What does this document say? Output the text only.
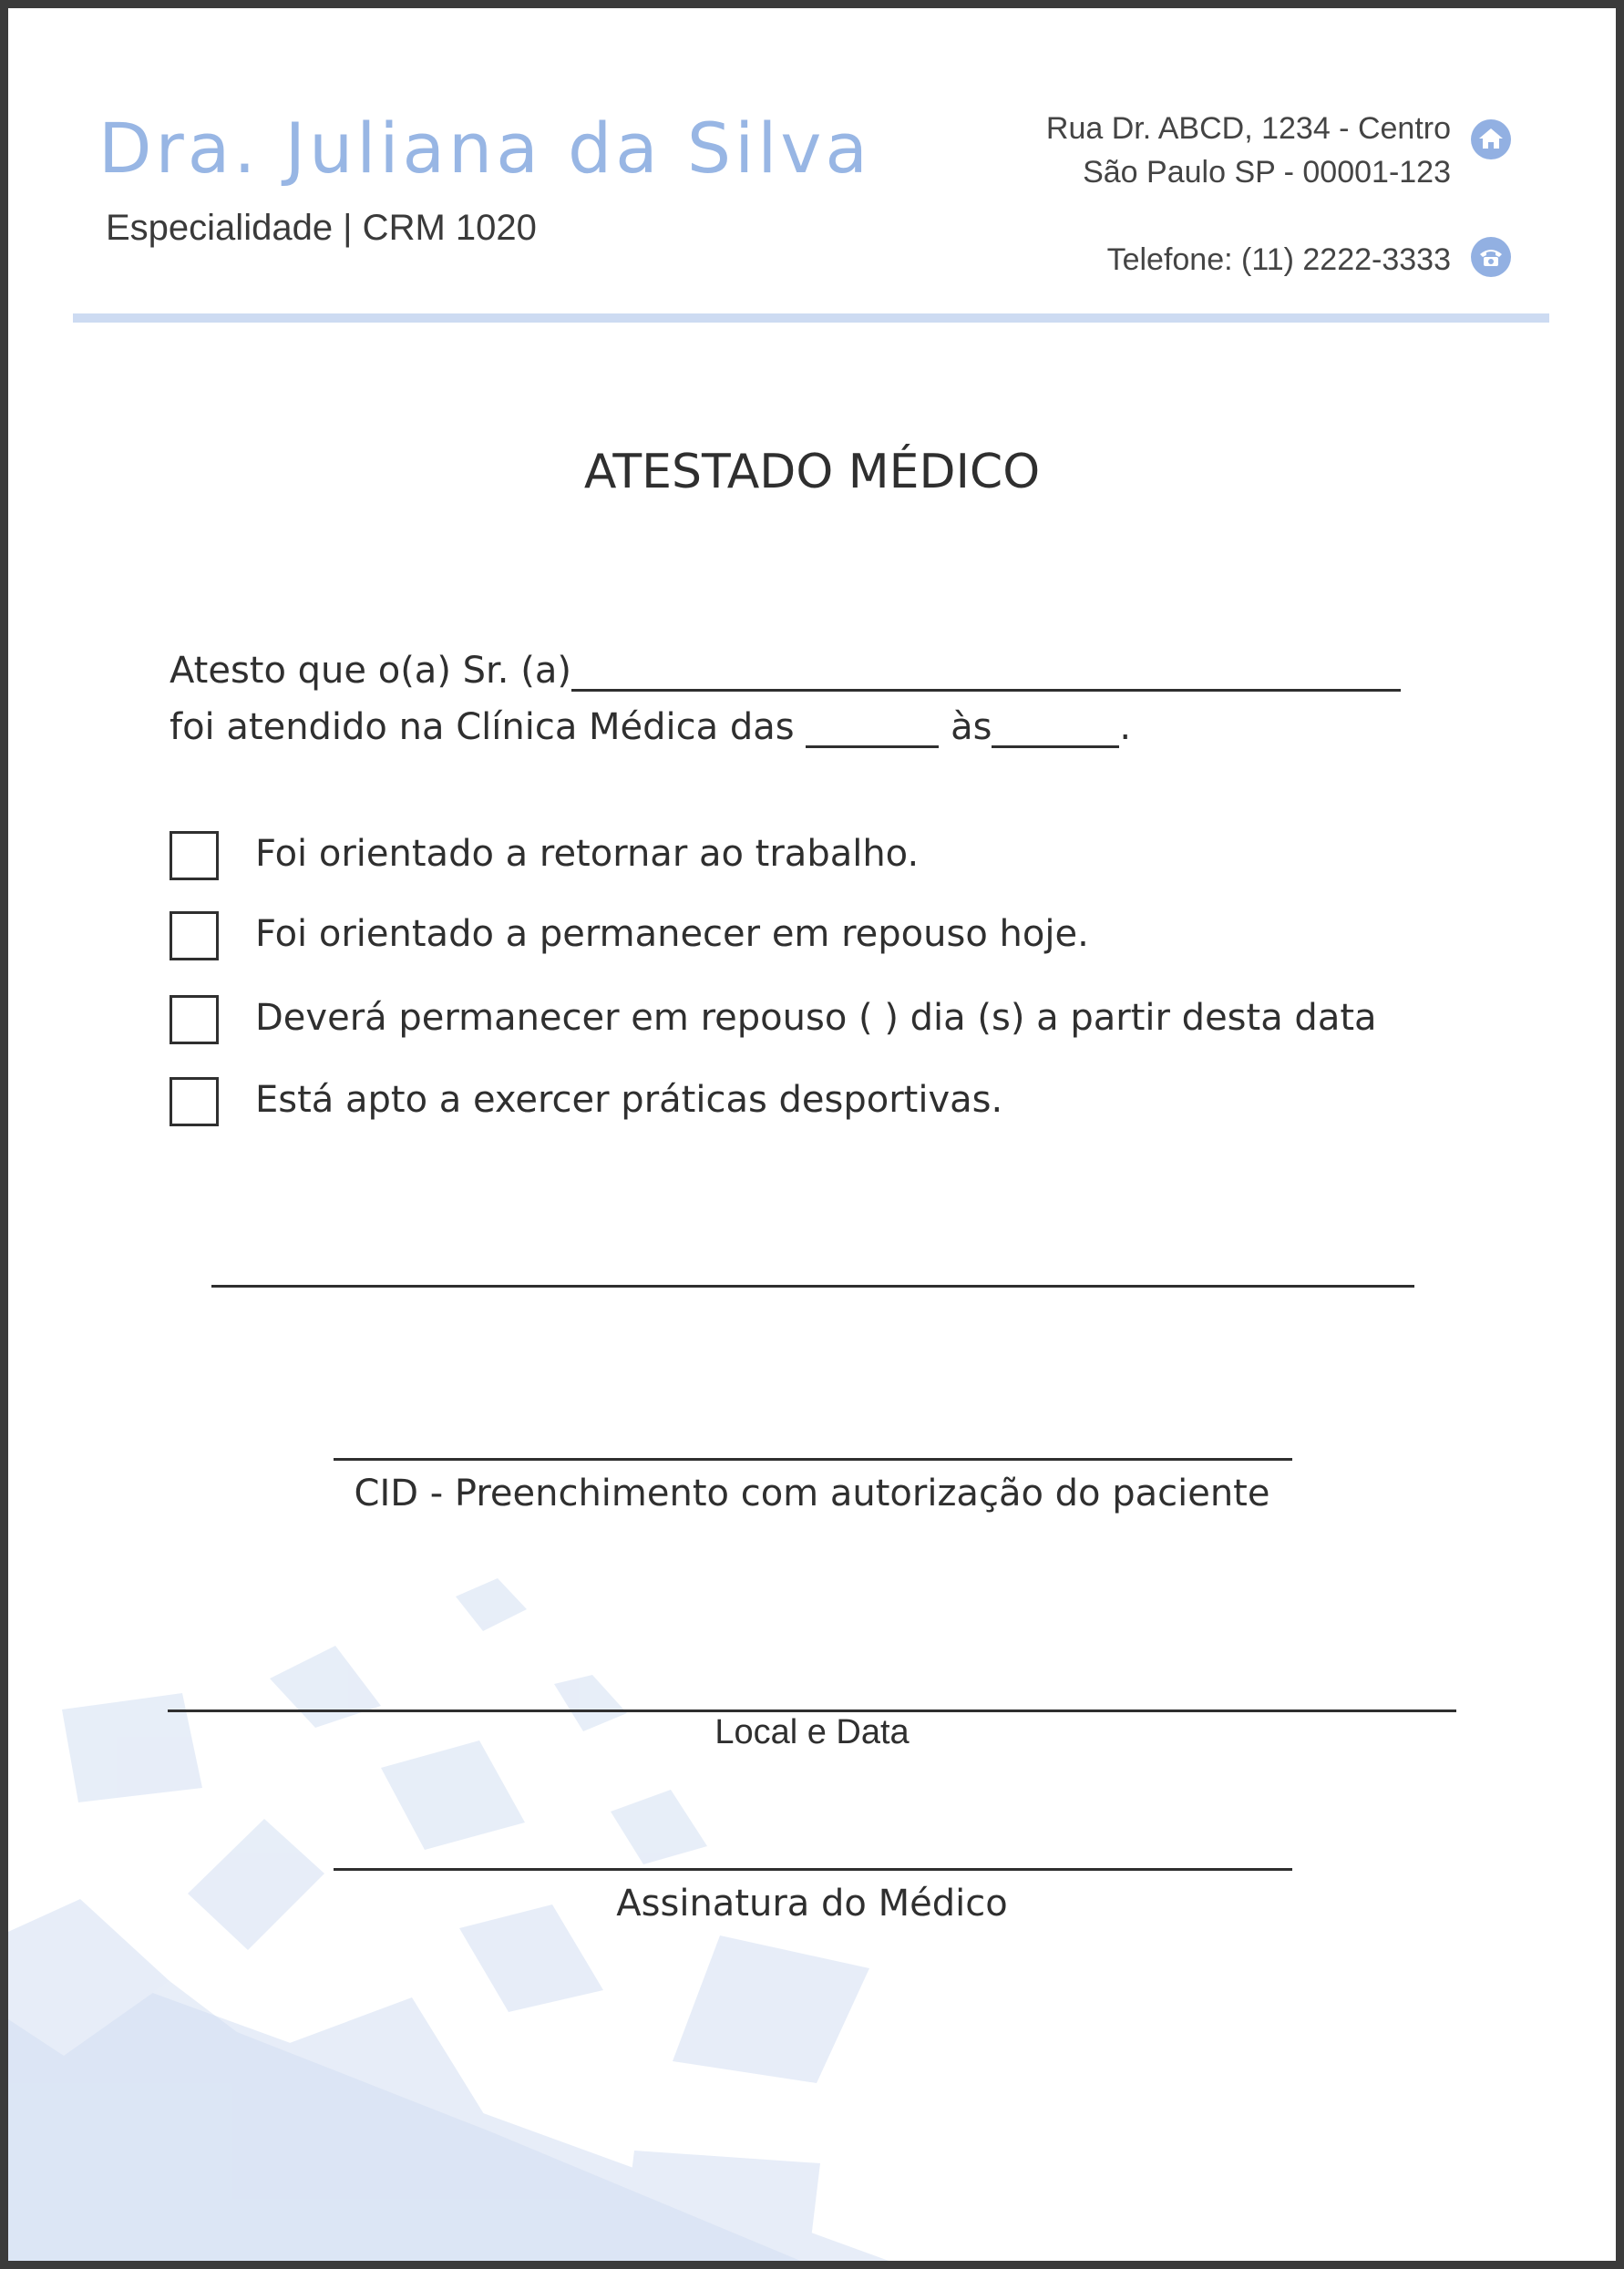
Dra. Juliana da Silva
Especialidade | CRM 1020
Rua Dr. ABCD, 1234 - Centro
São Paulo SP - 00001-123
Telefone: (11) 2222-3333
ATESTADO MÉDICO
Atesto que o(a) Sr. (a)
foi atendido na Clínica Médica das	às	.
Foi orientado a retornar ao trabalho.
Foi orientado a permanecer em repouso hoje.
Deverá permanecer em repouso ( ) dia (s) a partir desta data
Está apto a exercer práticas desportivas.
CID - Preenchimento com autorização do paciente
Local e Data
Assinatura do Médico
